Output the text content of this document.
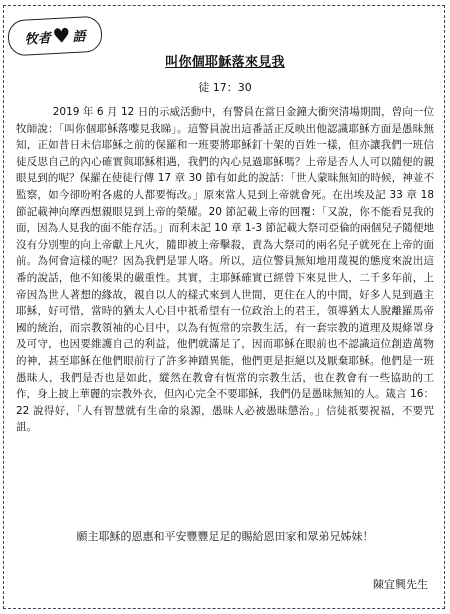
牧者 ♥ 語
叫你個耶穌落來見我
徒 17：30

2019 年 6 月 12 日的示威活動中，有警員在當日金鐘大衝突清場期間，曾向一位牧師說：「叫你個耶穌落嚟見我睇」。這警員說出這番話正反映出他認識耶穌方面是愚昧無知，正如昔日未信耶穌之前的保羅和一班要將耶穌釘十架的百姓一樣，但亦讓我們一班信徒反思自己的內心確實與耶穌相遇，我們的內心見過耶穌嗎？上帝是否人人可以隨便的親眼見到的呢？保羅在使徒行傳 17 章 30 節有如此的說話：「世人蒙昧無知的時候，神並不監察，如今卻吩咐各處的人都要悔改。」原來當人見到上帝就會死。在出埃及記 33 章 18 節記載神向摩西想親眼見到上帝的榮耀。20 節記載上帝的回覆：「又說，你不能看見我的面，因為人見我的面不能存活。」而利未記 10 章 1-3 節記載大祭司亞倫的兩個兒子隨便地沒有分別聖的向上帝獻上凡火，隨即被上帝擊殺，責為大祭司的兩名兒子就死在上帝的面前。為何會這樣的呢？因為我們是罪人咯。所以，這位警員無知地用蔑視的態度來說出這番的說話，他不知後果的嚴重性。其實，主耶穌確實已經曾下來見世人，二千多年前，上帝因為世人著想的緣故，親自以人的樣式來到人世間，更住在人的中間，好多人見到過主耶穌，好可惜，當時的猶太人心目中祇希望有一位政治上的君王，領導猶太人脫離羅馬帝國的統治，而宗教領袖的心目中，以為有恆常的宗教生活，有一套宗教的道理及規條罩身及可守，也因要維護自己的利益，他們就滿足了，因而耶穌在眼前也不認識這位創造萬物的神，甚至耶穌在他們眼前行了許多神蹟異能，他們更是拒絕以及厭棄耶穌。他們是一班愚昧人，我們是否也是如此，縱然在教會有恆常的宗教生活，也在教會有一些協助的工作，身上披上華麗的宗教外衣，但內心完全不要耶穌，我們仍是愚昧無知的人。箴言 16：22 說得好，「人有智慧就有生命的泉源，愚昧人必被愚昧懲治。」信徒祇要祝福，不要咒詛。

願主耶穌的恩惠和平安豐豐足足的賜給恩田家和眾弟兄姊妹！
陳宜興先生
